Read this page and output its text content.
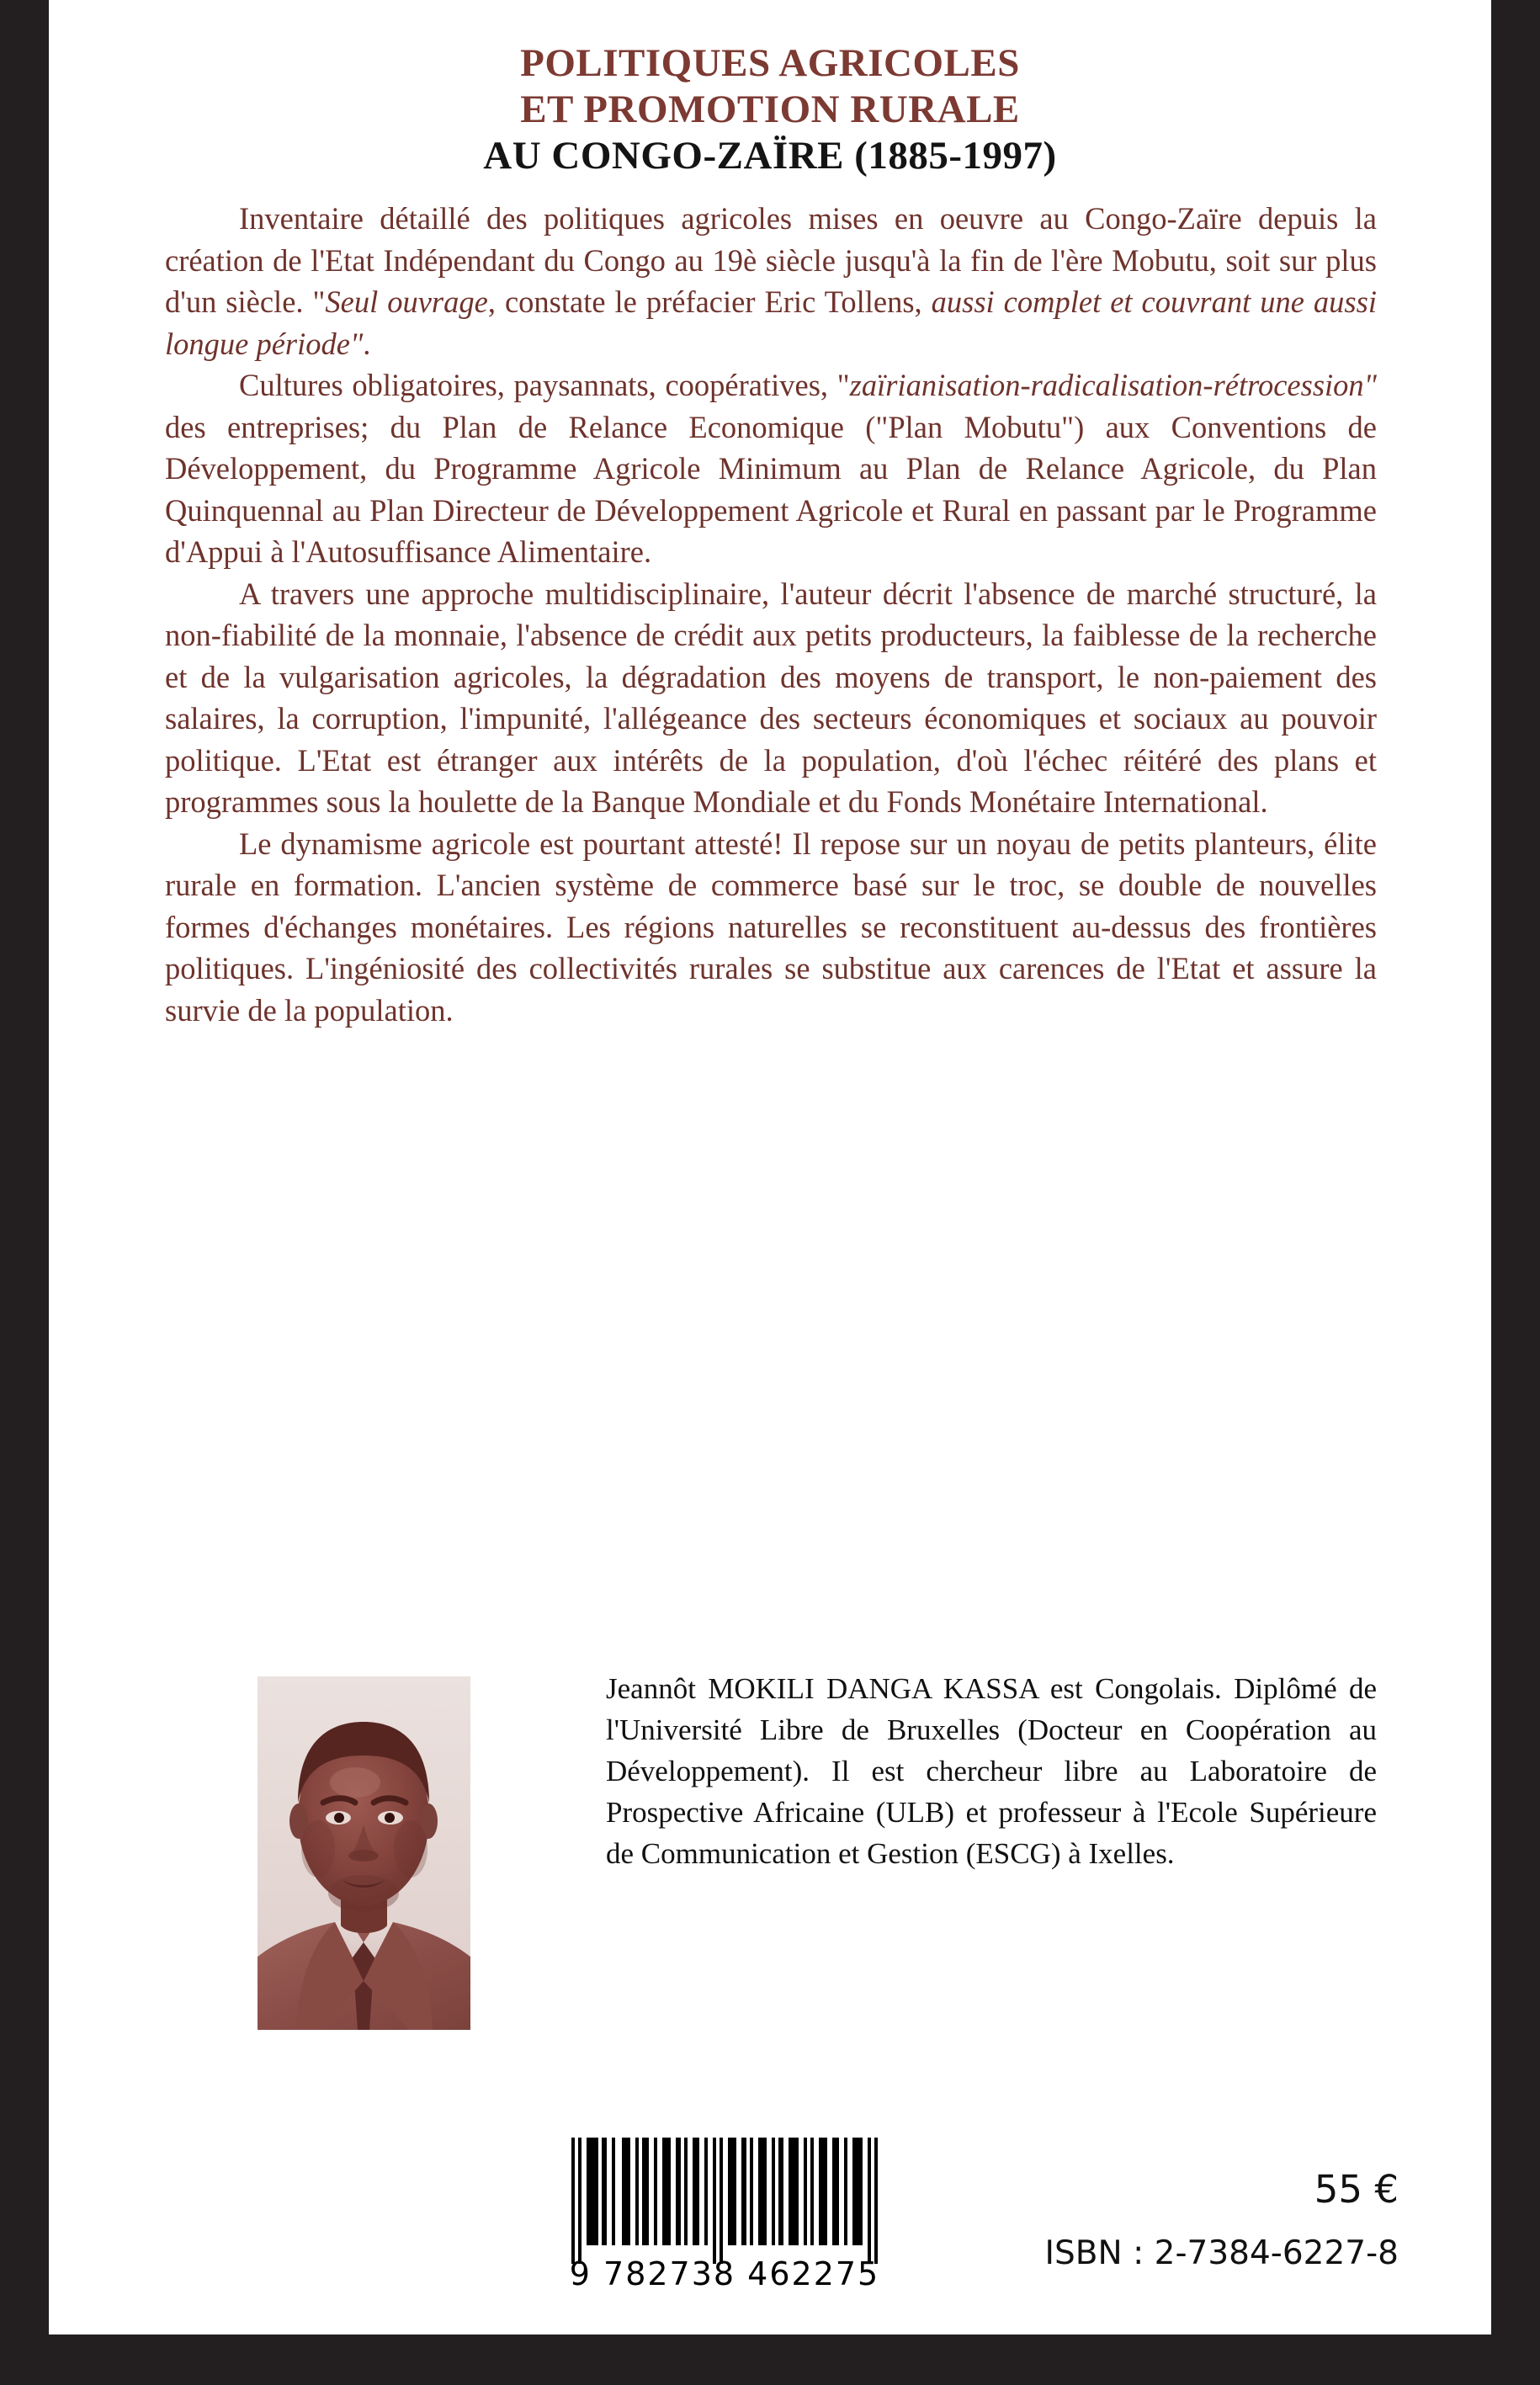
POLITIQUES AGRICOLES
ET PROMOTION RURALE
AU CONGO-ZAÏRE (1885-1997)

Inventaire détaillé des politiques agricoles mises en oeuvre au Congo-Zaïre depuis la création de l'Etat Indépendant du Congo au 19è siècle jusqu'à la fin de l'ère Mobutu, soit sur plus d'un siècle. "Seul ouvrage, constate le préfacier Eric Tollens, aussi complet et couvrant une aussi longue période".

Cultures obligatoires, paysannats, coopératives, "zaïrianisation-radicalisation-rétrocession" des entreprises; du Plan de Relance Economique ("Plan Mobutu") aux Conventions de Développement, du Programme Agricole Minimum au Plan de Relance Agricole, du Plan Quinquennal au Plan Directeur de Développement Agricole et Rural en passant par le Programme d'Appui à l'Autosuffisance Alimentaire.

A travers une approche multidisciplinaire, l'auteur décrit l'absence de marché structuré, la non-fiabilité de la monnaie, l'absence de crédit aux petits producteurs, la faiblesse de la recherche et de la vulgarisation agricoles, la dégradation des moyens de transport, le non-paiement des salaires, la corruption, l'impunité, l'allégeance des secteurs économiques et sociaux au pouvoir politique. L'Etat est étranger aux intérêts de la population, d'où l'échec réitéré des plans et programmes sous la houlette de la Banque Mondiale et du Fonds Monétaire International.

Le dynamisme agricole est pourtant attesté! Il repose sur un noyau de petits planteurs, élite rurale en formation. L'ancien système de commerce basé sur le troc, se double de nouvelles formes d'échanges monétaires. Les régions naturelles se reconstituent au-dessus des frontières politiques. L'ingéniosité des collectivités rurales se substitue aux carences de l'Etat et assure la survie de la population.

Jeannôt MOKILI DANGA KASSA est Congolais. Diplômé de l'Université Libre de Bruxelles (Docteur en Coopération au Développement). Il est chercheur libre au Laboratoire de Prospective Africaine (ULB) et professeur à l'Ecole Supérieure de Communication et Gestion (ESCG) à Ixelles.

9 782738 462275
55 €
ISBN : 2-7384-6227-8
